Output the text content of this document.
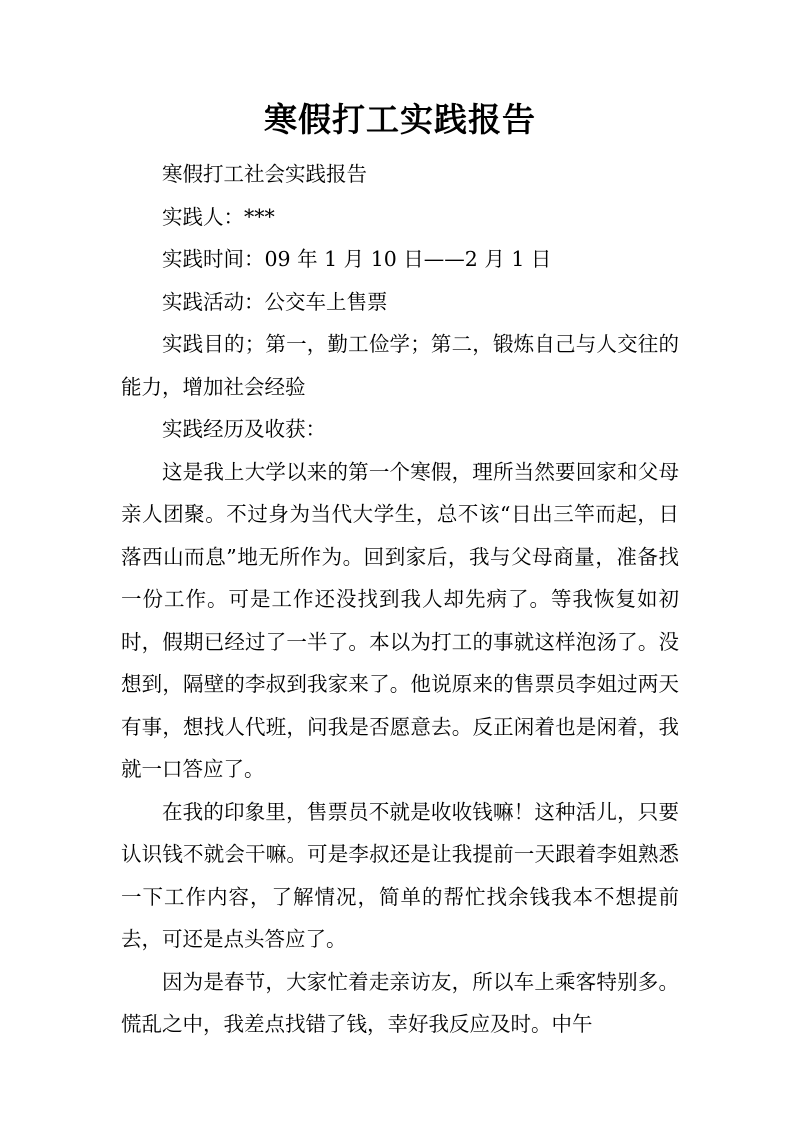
寒假打工实践报告

寒假打工社会实践报告

实践人：***

实践时间：09 年 1 月 10 日——2 月 1 日

实践活动：公交车上售票

实践目的；第一，勤工俭学；第二，锻炼自己与人交往的能力，增加社会经验

实践经历及收获：

这是我上大学以来的第一个寒假，理所当然要回家和父母亲人团聚。不过身为当代大学生，总不该“日出三竿而起，日落西山而息”地无所作为。回到家后，我与父母商量，准备找一份工作。可是工作还没找到我人却先病了。等我恢复如初时，假期已经过了一半了。本以为打工的事就这样泡汤了。没想到，隔壁的李叔到我家来了。他说原来的售票员李姐过两天有事，想找人代班，问我是否愿意去。反正闲着也是闲着，我就一口答应了。

在我的印象里，售票员不就是收收钱嘛！这种活儿，只要认识钱不就会干嘛。可是李叔还是让我提前一天跟着李姐熟悉一下工作内容，了解情况，简单的帮忙找余钱我本不想提前去，可还是点头答应了。

因为是春节，大家忙着走亲访友，所以车上乘客特别多。慌乱之中，我差点找错了钱，幸好我反应及时。中午
